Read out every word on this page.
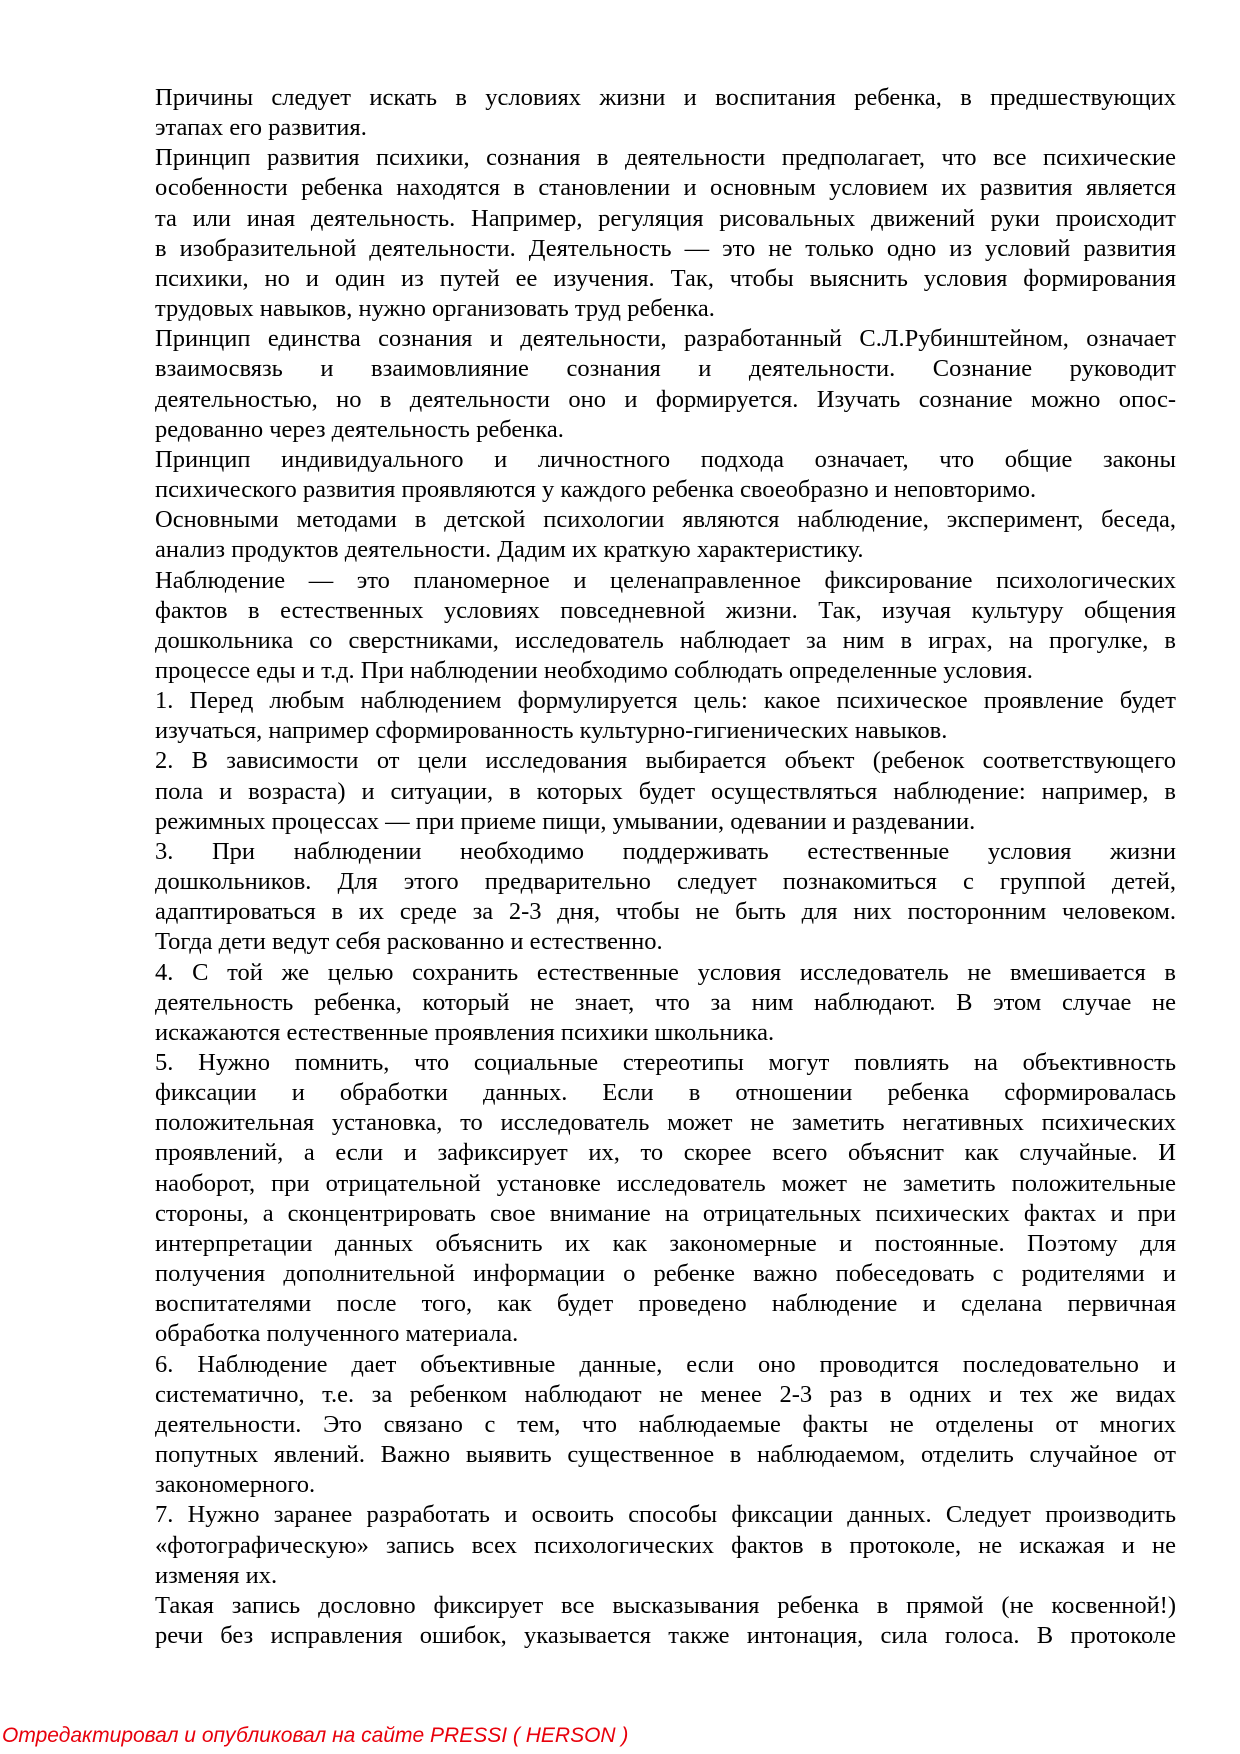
Причины следует искать в условиях жизни и воспитания ребенка, в предшествующих
этапах его развития.
Принцип развития психики, сознания в деятельности предполагает, что все психические
особенности ребенка находятся в становлении и основным условием их развития является
та или иная деятельность. Например, регуляция рисовальных движений руки происходит
в изобразительной деятельности. Деятельность — это не только одно из условий развития
психики, но и один из путей ее изучения. Так, чтобы выяснить условия формирования
трудовых навыков, нужно организовать труд ребенка.
Принцип единства сознания и деятельности, разработанный С.Л.Рубинштейном, означает
взаимосвязь и взаимовлияние сознания и деятельности. Сознание руководит
деятельностью, но в деятельности оно и формируется. Изучать сознание можно опос-
редованно через деятельность ребенка.
Принцип индивидуального и личностного подхода означает, что общие законы
психического развития проявляются у каждого ребенка своеобразно и неповторимо.
Основными методами в детской психологии являются наблюдение, эксперимент, беседа,
анализ продуктов деятельности. Дадим их краткую характеристику.
Наблюдение — это планомерное и целенаправленное фиксирование психологических
фактов в естественных условиях повседневной жизни. Так, изучая культуру общения
дошкольника со сверстниками, исследователь наблюдает за ним в играх, на прогулке, в
процессе еды и т.д. При наблюдении необходимо соблюдать определенные условия.
1. Перед любым наблюдением формулируется цель: какое психическое проявление будет
изучаться, например сформированность культурно-гигиенических навыков.
2. В зависимости от цели исследования выбирается объект (ребенок соответствующего
пола и возраста) и ситуации, в которых будет осуществляться наблюдение: например, в
режимных процессах — при приеме пищи, умывании, одевании и раздевании.
3. При наблюдении необходимо поддерживать естественные условия жизни
дошкольников. Для этого предварительно следует познакомиться с группой детей,
адаптироваться в их среде за 2-3 дня, чтобы не быть для них посторонним человеком.
Тогда дети ведут себя раскованно и естественно.
4. С той же целью сохранить естественные условия исследователь не вмешивается в
деятельность ребенка, который не знает, что за ним наблюдают. В этом случае не
искажаются естественные проявления психики школьника.
5. Нужно помнить, что социальные стереотипы могут повлиять на объективность
фиксации и обработки данных. Если в отношении ребенка сформировалась
положительная установка, то исследователь может не заметить негативных психических
проявлений, а если и зафиксирует их, то скорее всего объяснит как случайные. И
наоборот, при отрицательной установке исследователь может не заметить положительные
стороны, а сконцентрировать свое внимание на отрицательных психических фактах и при
интерпретации данных объяснить их как закономерные и постоянные. Поэтому для
получения дополнительной информации о ребенке важно побеседовать с родителями и
воспитателями после того, как будет проведено наблюдение и сделана первичная
обработка полученного материала.
6. Наблюдение дает объективные данные, если оно проводится последовательно и
систематично, т.е. за ребенком наблюдают не менее 2-3 раз в одних и тех же видах
деятельности. Это связано с тем, что наблюдаемые факты не отделены от многих
попутных явлений. Важно выявить существенное в наблюдаемом, отделить случайное от
закономерного.
7. Нужно заранее разработать и освоить способы фиксации данных. Следует производить
«фотографическую» запись всех психологических фактов в протоколе, не искажая и не
изменяя их.
Такая запись дословно фиксирует все высказывания ребенка в прямой (не косвенной!)
речи без исправления ошибок, указывается также интонация, сила голоса. В протоколе
Отредактировал и опубликовал на сайте PRESSI ( HERSON )
